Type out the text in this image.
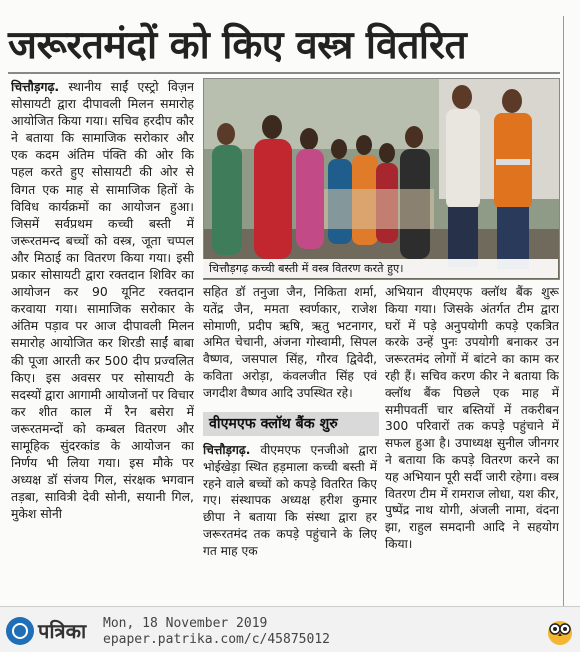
जरूरतमंदों को किए वस्त्र वितरित
चित्तौड़गढ़. स्थानीय साईं एस्ट्रो विज़न सोसायटी द्वारा दीपावली मिलन समारोह आयोजित किया गया। सचिव हरदीप कौर ने बताया कि सामाजिक सरोकार और एक कदम अंतिम पंक्ति की ओर कि पहल करते हुए सोसायटी की ओर से विगत एक माह से सामाजिक हितों के विविध कार्यक्रमों का आयोजन हुआ। जिसमें सर्वप्रथम कच्ची बस्ती में जरूरतमन्द बच्चों को वस्त्र, जूता चप्पल और मिठाई का वितरण किया गया। इसी प्रकार सोसायटी द्वारा रक्तदान शिविर का आयोजन कर 90 यूनिट रक्तदान करवाया गया। सामाजिक सरोकार के अंतिम पड़ाव पर आज दीपावली मिलन समारोह आयोजित कर शिरडी साईं बाबा की पूजा आरती कर 500 दीप प्रज्वलित किए। इस अवसर पर सोसायटी के सदस्यों द्वारा आगामी आयोजनों पर विचार कर शीत काल में रैन बसेरा में जरूरतमन्दों को कम्बल वितरण और सामूहिक सुंदरकांड के आयोजन का निर्णय भी लिया गया। इस मौके पर अध्यक्ष डॉ संजय गिल, संरक्षक भगवान तड़बा, सावित्री देवी सोनी, सयानी गिल, मुकेश सोनी
चित्तौड़गढ़ कच्ची बस्ती में वस्त्र वितरण करते हुए।
सहित डॉ तनुजा जैन, निकिता शर्मा, यतेंद्र जैन, ममता स्वर्णकार, राजेश सोमाणी, प्रदीप ऋषि, ऋतु भटनागर, अमित चेचानी, अंजना गोस्वामी, सिपल वैष्णव, जसपाल सिंह, गौरव द्विवेदी, कविता अरोड़ा, कंवलजीत सिंह एवं जगदीश वैष्णव आदि उपस्थित रहे।
वीएमएफ क्लॉथ बैंक शुरु
चित्तौड़गढ़. वीएमएफ एनजीओ द्वारा भोईखेड़ा स्थित हड़माला कच्ची बस्ती में रहने वाले बच्चों को कपड़े वितरित किए गए। संस्थापक अध्यक्ष हरीश कुमार छीपा ने बताया कि संस्था द्वारा हर जरूरतमंद तक कपड़े पहुंचाने के लिए गत माह एक
अभियान वीएमएफ क्लॉथ बैंक शुरू किया गया। जिसके अंतर्गत टीम द्वारा घरों में पड़े अनुपयोगी कपड़े एकत्रित करके उन्हें पुनः उपयोगी बनाकर उन जरूरतमंद लोगों में बांटने का काम कर रही हैं। सचिव करण कीर ने बताया कि क्लॉथ बैंक पिछले एक माह में समीपवर्ती चार बस्तियों में तकरीबन 300 परिवारों तक कपड़े पहुंचाने में सफल हुआ है। उपाध्यक्ष सुनील जीनगर ने बताया कि कपड़े वितरण करने का यह अभियान पूरी सर्दी जारी रहेगा। वस्त्र वितरण टीम में रामराज लोधा, यश कीर, पुष्पेंद्र नाथ योगी, अंजली नामा, वंदना झा, राहुल समदानी आदि ने सहयोग किया।
पत्रिका Mon, 18 November 2019
epaper.patrika.com/c/45875012
